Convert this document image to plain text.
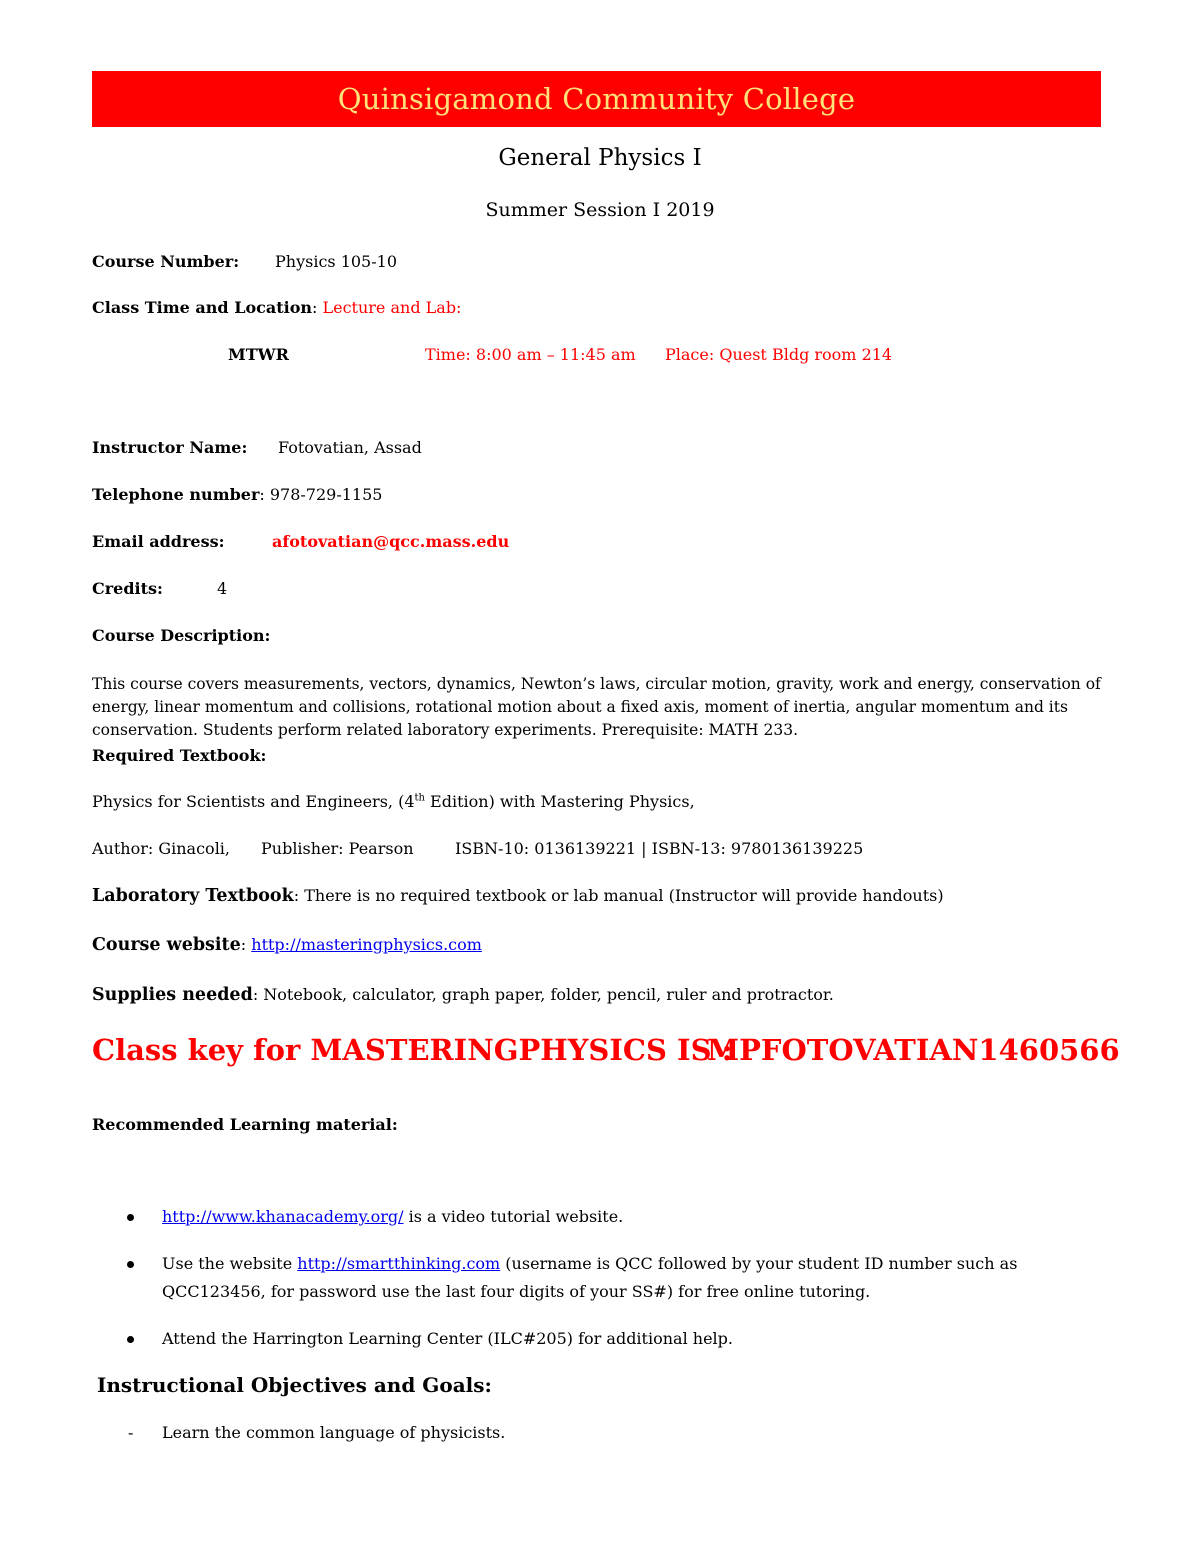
Quinsigamond Community College
General Physics I
Summer Session I 2019
Course Number: Physics 105-10
Class Time and Location: Lecture and Lab:
MTWR	Time: 8:00 am – 11:45 am Place: Quest Bldg room 214
Instructor Name: Fotovatian, Assad
Telephone number: 978-729-1155
Email address:	afotovatian@qcc.mass.edu
Credits:	4
Course Description:
This course covers measurements, vectors, dynamics, Newton’s laws, circular motion, gravity, work and energy, conservation of energy, linear momentum and collisions, rotational motion about a fixed axis, moment of inertia, angular momentum and its conservation. Students perform related laboratory experiments. Prerequisite: MATH 233.
Required Textbook:
Physics for Scientists and Engineers, (4th Edition) with Mastering Physics,
Author: Ginacoli, Publisher: Pearson	ISBN-10: 0136139221 | ISBN-13: 9780136139225
Laboratory Textbook: There is no required textbook or lab manual (Instructor will provide handouts)
Course website: http://masteringphysics.com
Supplies needed: Notebook, calculator, graph paper, folder, pencil, ruler and protractor.
Class key for MASTERINGPHYSICS IS :
MPFOTOVATIAN1460566
Recommended Learning material:
http://www.khanacademy.org/ is a video tutorial website.
Use the website http://smartthinking.com (username is QCC followed by your student ID number such as
QCC123456, for password use the last four digits of your SS#) for free online tutoring.
Attend the Harrington Learning Center (ILC#205) for additional help.
Instructional Objectives and Goals:
- Learn the common language of physicists.
